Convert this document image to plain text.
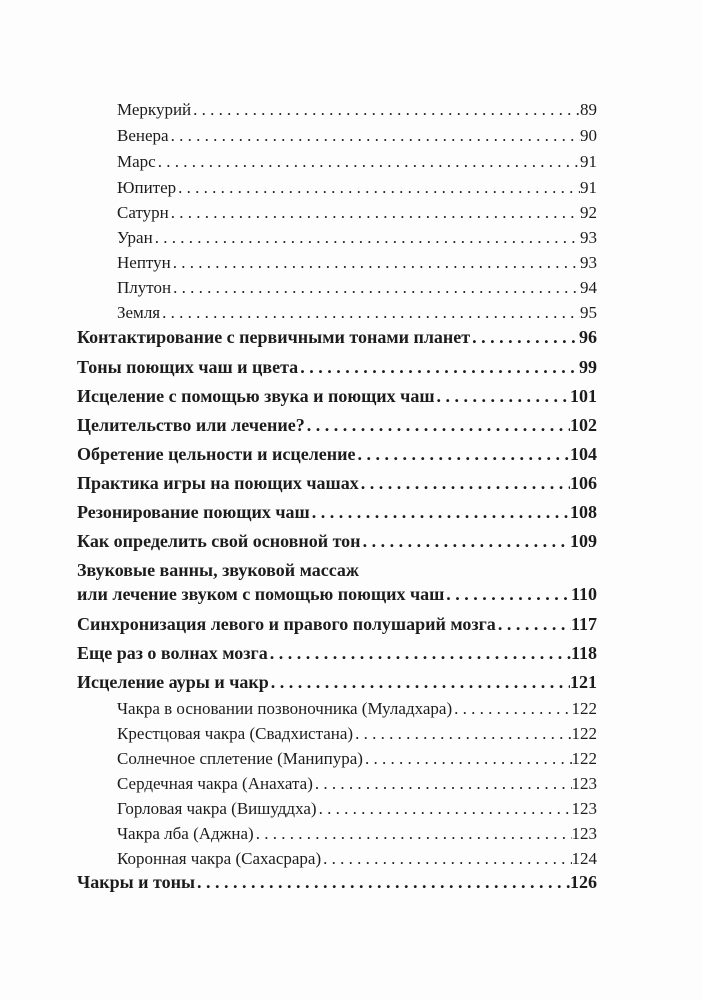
Меркурий . . .	89
Венера . . .	90
Марс . . .	91
Юпитер . . .	91
Сатурн . . .	92
Уран . . .	93
Нептун . . .	93
Плутон . . .	94
Земля . . .	95
Контактирование с первичными тонами планет . . .	96
Тоны поющих чаш и цвета . . .	99
Исцеление с помощью звука и поющих чаш . . .	101
Целительство или лечение? . . .	102
Обретение цельности и исцеление . . .	104
Практика игры на поющих чашах . . .	106
Резонирование поющих чаш . . .	108
Как определить свой основной тон . . .	109
Звуковые ванны, звуковой массаж
или лечение звуком с помощью поющих чаш . . .	110
Синхронизация левого и правого полушарий мозга . . .	117
Еще раз о волнах мозга . . .	118
Исцеление ауры и чакр . . .	121
Чакра в основании позвоночника (Муладхара) . . .	122
Крестцовая чакра (Свадхистана) . . .	122
Солнечное сплетение (Манипура) . . .	122
Сердечная чакра (Анахата) . . .	123
Горловая чакра (Вишуддха) . . .	123
Чакра лба (Аджна) . . .	123
Коронная чакра (Сахасрара) . . .	124
Чакры и тоны . . .	126
